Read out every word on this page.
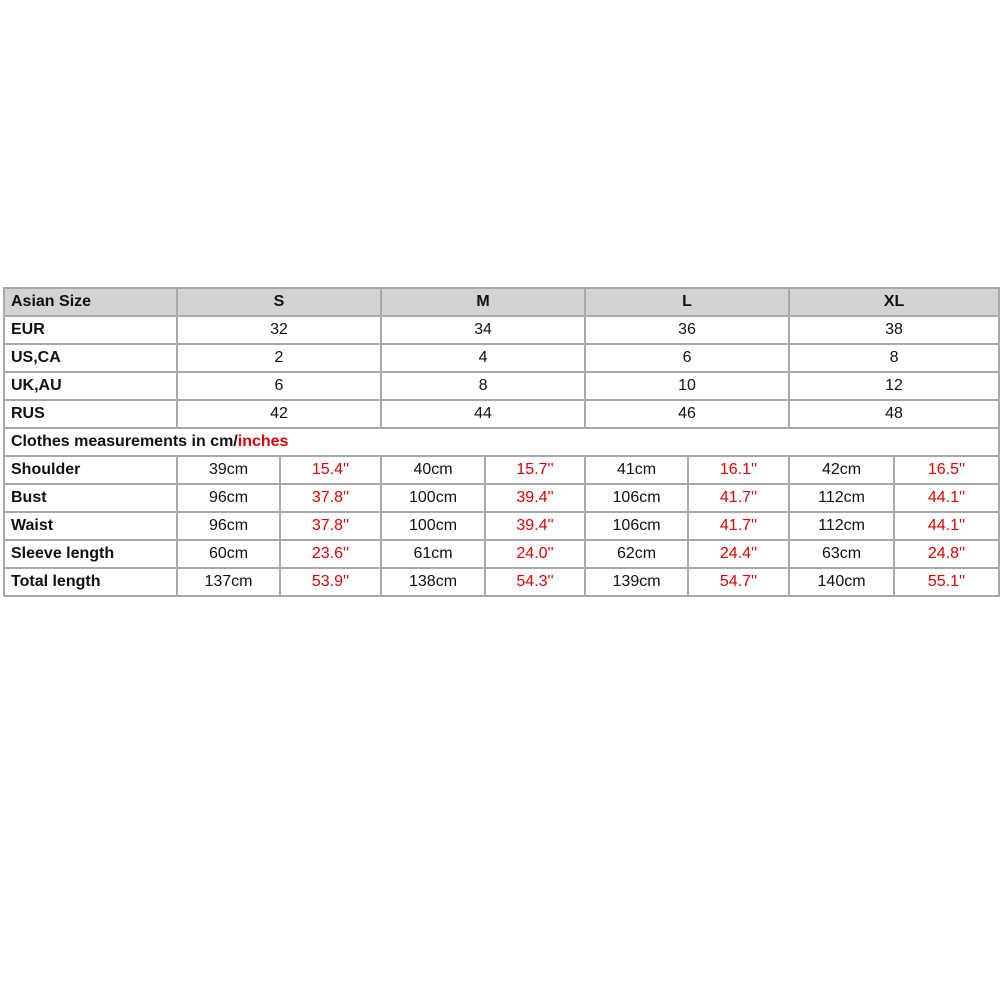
Asian Size	S		M		L		XL	
EUR	32		34		36		38	
US,CA	2		4		6		8	
UK,AU	6		8		10		12	
RUS	42		44		46		48	
Clothes measurements in cm/inches								
Shoulder	39cm	15.4''	40cm	15.7''	41cm	16.1''	42cm	16.5''
Bust	96cm	37.8''	100cm	39.4''	106cm	41.7''	112cm	44.1''
Waist	96cm	37.8''	100cm	39.4''	106cm	41.7''	112cm	44.1''
Sleeve length	60cm	23.6''	61cm	24.0''	62cm	24.4''	63cm	24.8''
Total length	137cm	53.9''	138cm	54.3''	139cm	54.7''	140cm	55.1''
